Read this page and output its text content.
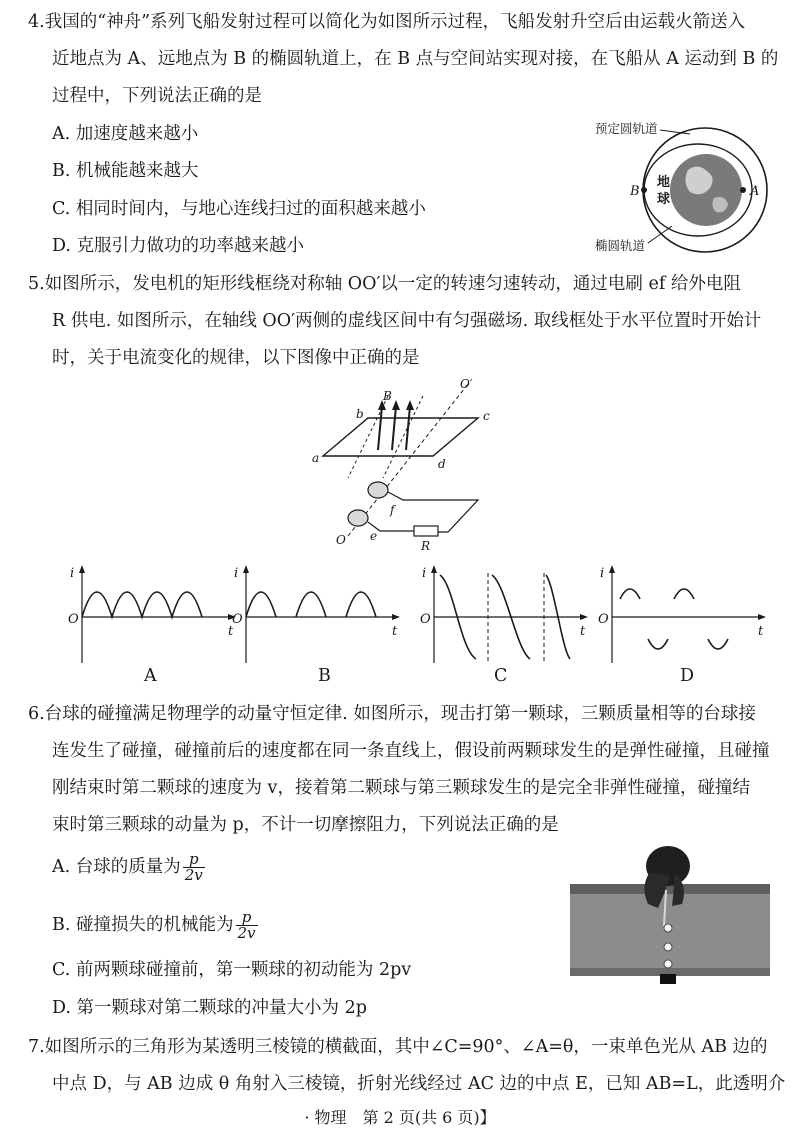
4.我国的“神舟”系列飞船发射过程可以简化为如图所示过程，飞船发射升空后由运载火箭送入
近地点为 A、远地点为 B 的椭圆轨道上，在 B 点与空间站实现对接，在飞船从 A 运动到 B 的
过程中，下列说法正确的是
A. 加速度越来越小
B. 机械能越来越大
C. 相同时间内，与地心连线扫过的面积越来越小
D. 克服引力做功的功率越来越小
B	A
地
球
预定圆轨道
椭圆轨道
5.如图所示，发电机的矩形线框绕对称轴 OO′以一定的转速匀速转动，通过电刷 ef 给外电阻
R 供电. 如图所示，在轴线 OO′两侧的虚线区间中有匀强磁场. 取线框处于水平位置时开始计
时，关于电流变化的规律，以下图像中正确的是
O′
B
b	c
a	d
f
e
O	R
i
O
t
i
O
t
i
O
t
i
O
t
A	B	C	D
6.台球的碰撞满足物理学的动量守恒定律. 如图所示，现击打第一颗球，三颗质量相等的台球接
连发生了碰撞，碰撞前后的速度都在同一条直线上，假设前两颗球发生的是弹性碰撞，且碰撞
刚结束时第二颗球的速度为 v，接着第二颗球与第三颗球发生的是完全非弹性碰撞，碰撞结
束时第三颗球的动量为 p，不计一切摩擦阻力，下列说法正确的是
A. 台球的质量为 $\frac{p}{2v}$
B. 碰撞损失的机械能为 $\frac{p}{2v}$
C. 前两颗球碰撞前，第一颗球的初动能为 2pv
D. 第一颗球对第二颗球的冲量大小为 2p
7.如图所示的三角形为某透明三棱镜的横截面，其中∠C=90°、∠A=θ，一束单色光从 AB 边的
中点 D，与 AB 边成 θ 角射入三棱镜，折射光线经过 AC 边的中点 E，已知 AB=L，此透明介
· 物理　第 2 页(共 6 页)】
